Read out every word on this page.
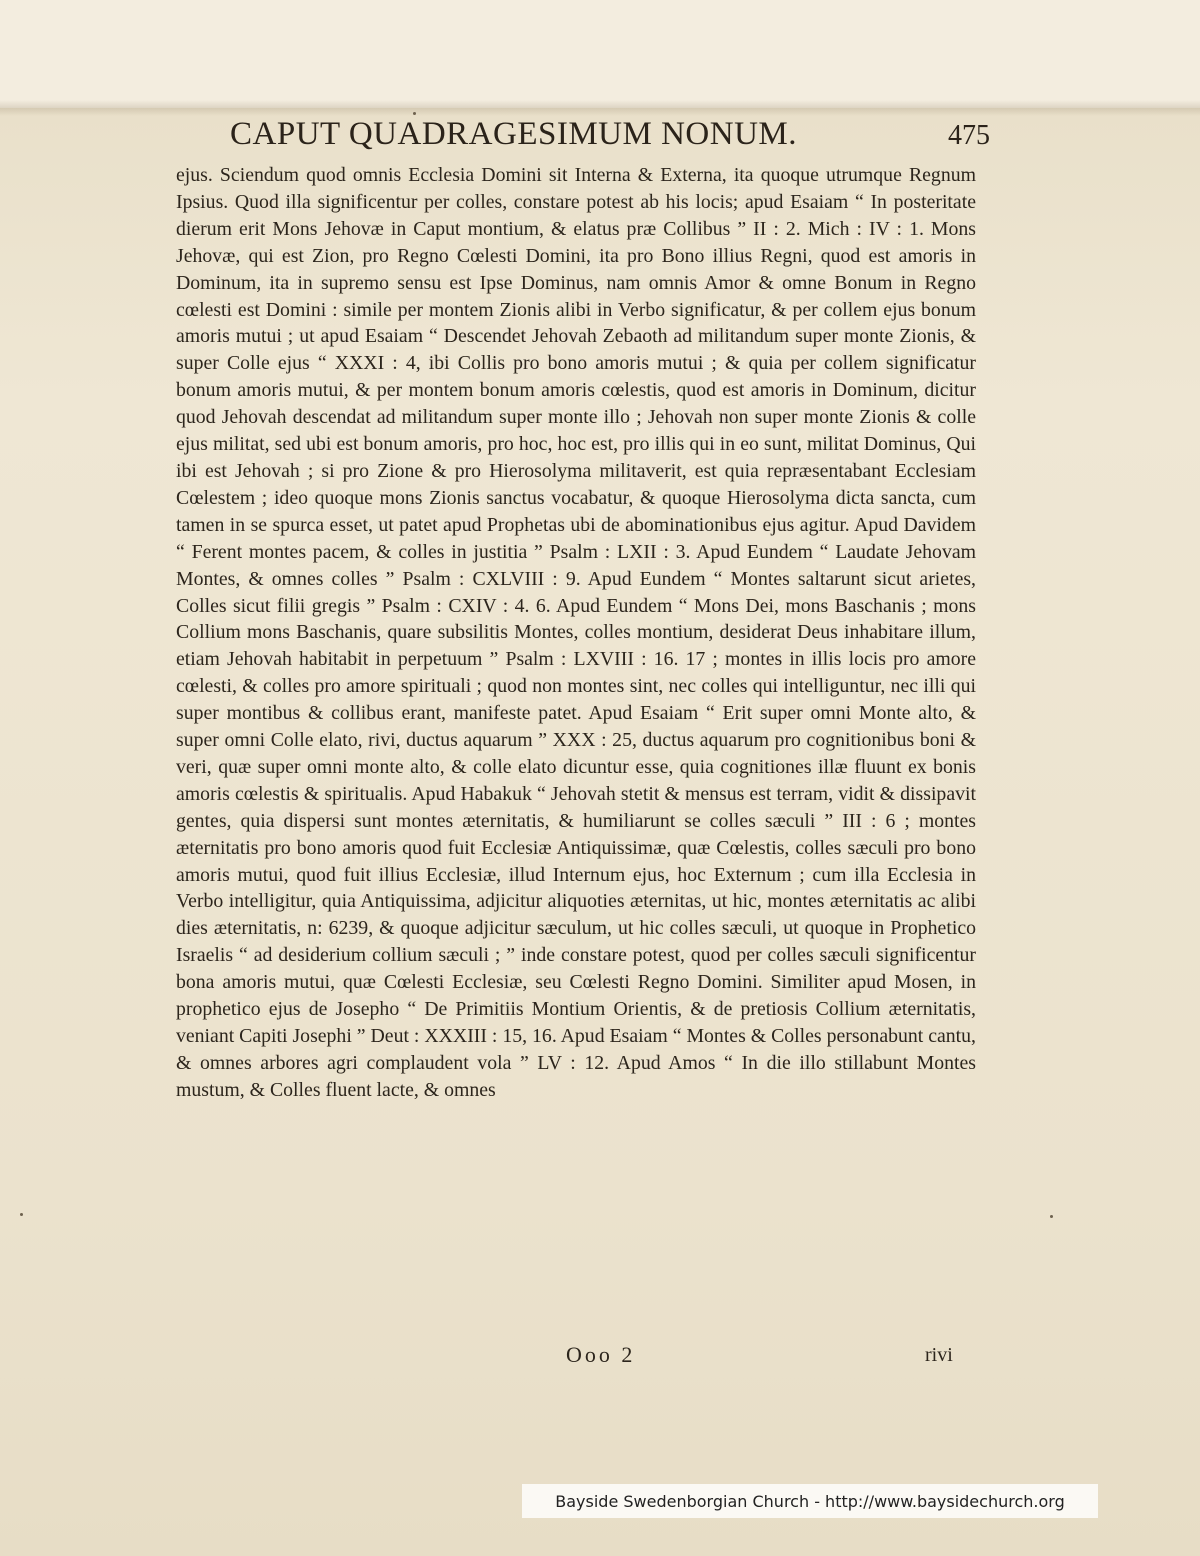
CAPUT QUADRAGESIMUM NONUM.	475

ejus. Sciendum quod omnis Ecclesia Domini sit Interna & Externa, ita quoque utrumque Regnum Ipsius. Quod illa significentur per colles, constare potest ab his locis; apud Esaiam “ In posteritate dierum erit Mons Jehovæ in Caput montium, & elatus præ Collibus ” II : 2. Mich : IV : 1. Mons Jehovæ, qui est Zion, pro Regno Cœlesti Domini, ita pro Bono illius Regni, quod est amoris in Dominum, ita in supremo sensu est Ipse Dominus, nam omnis Amor & omne Bonum in Regno cœlesti est Domini : simile per montem Zionis alibi in Verbo significatur, & per collem ejus bonum amoris mutui ; ut apud Esaiam “ Descendet Jehovah Zebaoth ad militandum super monte Zionis, & super Colle ejus “ XXXI : 4, ibi Collis pro bono amoris mutui ; & quia per collem significatur bonum amoris mutui, & per montem bonum amoris cœlestis, quod est amoris in Dominum, dicitur quod Jehovah descendat ad militandum super monte illo ; Jehovah non super monte Zionis & colle ejus militat, sed ubi est bonum amoris, pro hoc, hoc est, pro illis qui in eo sunt, militat Dominus, Qui ibi est Jehovah ; si pro Zione & pro Hierosolyma militaverit, est quia repræsentabant Ecclesiam Cœlestem ; ideo quoque mons Zionis sanctus vocabatur, & quoque Hierosolyma dicta sancta, cum tamen in se spurca esset, ut patet apud Prophetas ubi de abominationibus ejus agitur. Apud Davidem “ Ferent montes pacem, & colles in justitia ” Psalm : LXII : 3. Apud Eundem “ Laudate Jehovam Montes, & omnes colles ” Psalm : CXLVIII : 9. Apud Eundem “ Montes saltarunt sicut arietes, Colles sicut filii gregis ” Psalm : CXIV : 4. 6. Apud Eundem “ Mons Dei, mons Baschanis ; mons Collium mons Baschanis, quare subsilitis Montes, colles montium, desiderat Deus inhabitare illum, etiam Jehovah habitabit in perpetuum ” Psalm : LXVIII : 16. 17 ; montes in illis locis pro amore cœlesti, & colles pro amore spirituali ; quod non montes sint, nec colles qui intelliguntur, nec illi qui super montibus & collibus erant, manifeste patet. Apud Esaiam “ Erit super omni Monte alto, & super omni Colle elato, rivi, ductus aquarum ” XXX : 25, ductus aquarum pro cognitionibus boni & veri, quæ super omni monte alto, & colle elato dicuntur esse, quia cognitiones illæ fluunt ex bonis amoris cœlestis & spiritualis. Apud Habakuk “ Jehovah stetit & mensus est terram, vidit & dissipavit gentes, quia dispersi sunt montes æternitatis, & humiliarunt se colles sæculi ” III : 6 ; montes æternitatis pro bono amoris quod fuit Ecclesiæ Antiquissimæ, quæ Cœlestis, colles sæculi pro bono amoris mutui, quod fuit illius Ecclesiæ, illud Internum ejus, hoc Externum ; cum illa Ecclesia in Verbo intelligitur, quia Antiquissima, adjicitur aliquoties æternitas, ut hic, montes æternitatis ac alibi dies æternitatis, n: 6239, & quoque adjicitur sæculum, ut hic colles sæculi, ut quoque in Prophetico Israelis “ ad desiderium collium sæculi ; ” inde constare potest, quod per colles sæculi significentur bona amoris mutui, quæ Cœlesti Ecclesiæ, seu Cœlesti Regno Domini. Similiter apud Mosen, in prophetico ejus de Josepho “ De Primitiis Montium Orientis, & de pretiosis Collium æternitatis, veniant Capiti Josephi ” Deut : XXXIII : 15, 16. Apud Esaiam “ Montes & Colles personabunt cantu, & omnes arbores agri complaudent vola ” LV : 12. Apud Amos “ In die illo stillabunt Montes mustum, & Colles fluent lacte, & omnes

Ooo 2	rivi
Bayside Swedenborgian Church - http://www.baysidechurch.org
